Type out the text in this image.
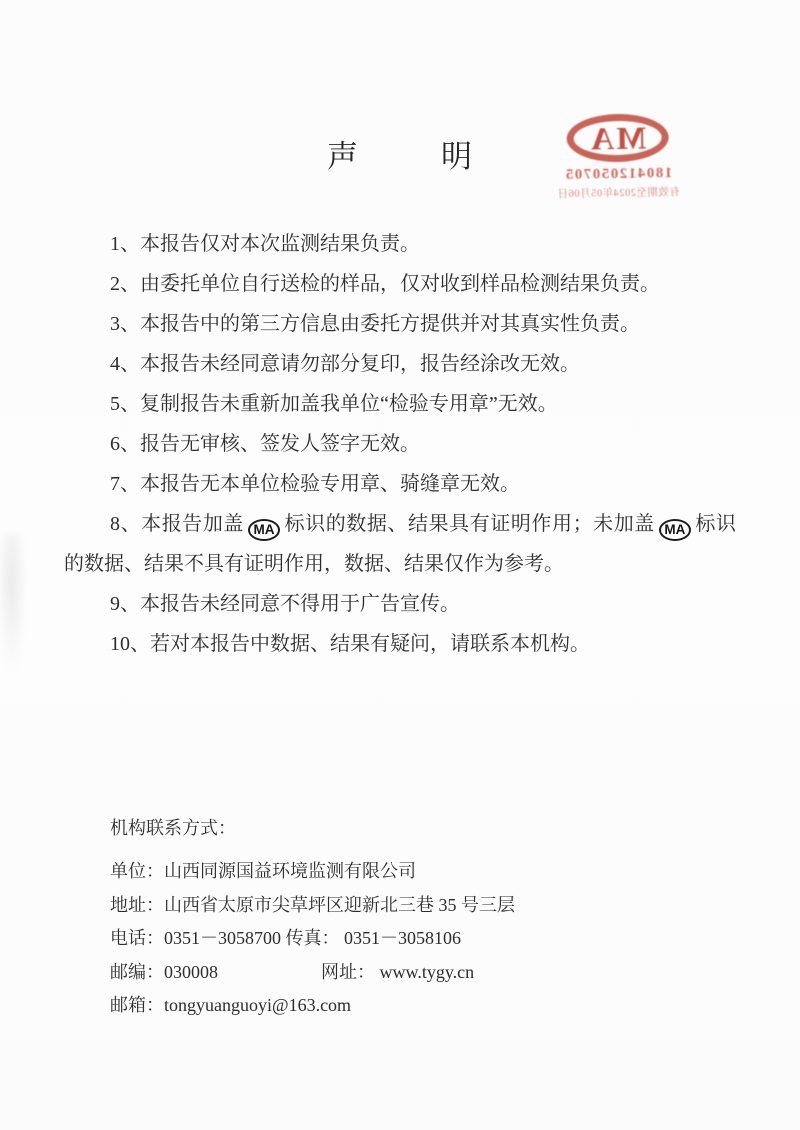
声	明
MA
180412050705
有效期至2024年05月06日

1、本报告仅对本次监测结果负责。

2、由委托单位自行送检的样品，仅对收到样品检测结果负责。

3、本报告中的第三方信息由委托方提供并对其真实性负责。

4、本报告未经同意请勿部分复印，报告经涂改无效。

5、复制报告未重新加盖我单位“检验专用章”无效。

6、报告无审核、签发人签字无效。

7、本报告无本单位检验专用章、骑缝章无效。

8、本报告加盖 MA 标识的数据、结果具有证明作用；未加盖 MA 标识的数据、结果不具有证明作用，数据、结果仅作为参考。

9、本报告未经同意不得用于广告宣传。

10、若对本报告中数据、结果有疑问，请联系本机构。

机构联系方式：

单位：山西同源国益环境监测有限公司

地址：山西省太原市尖草坪区迎新北三巷 35 号三层

电话：0351－3058700 传真： 0351－3058106

邮编：030008	网址： www.tygy.cn

邮箱：tongyuanguoyi@163.com
